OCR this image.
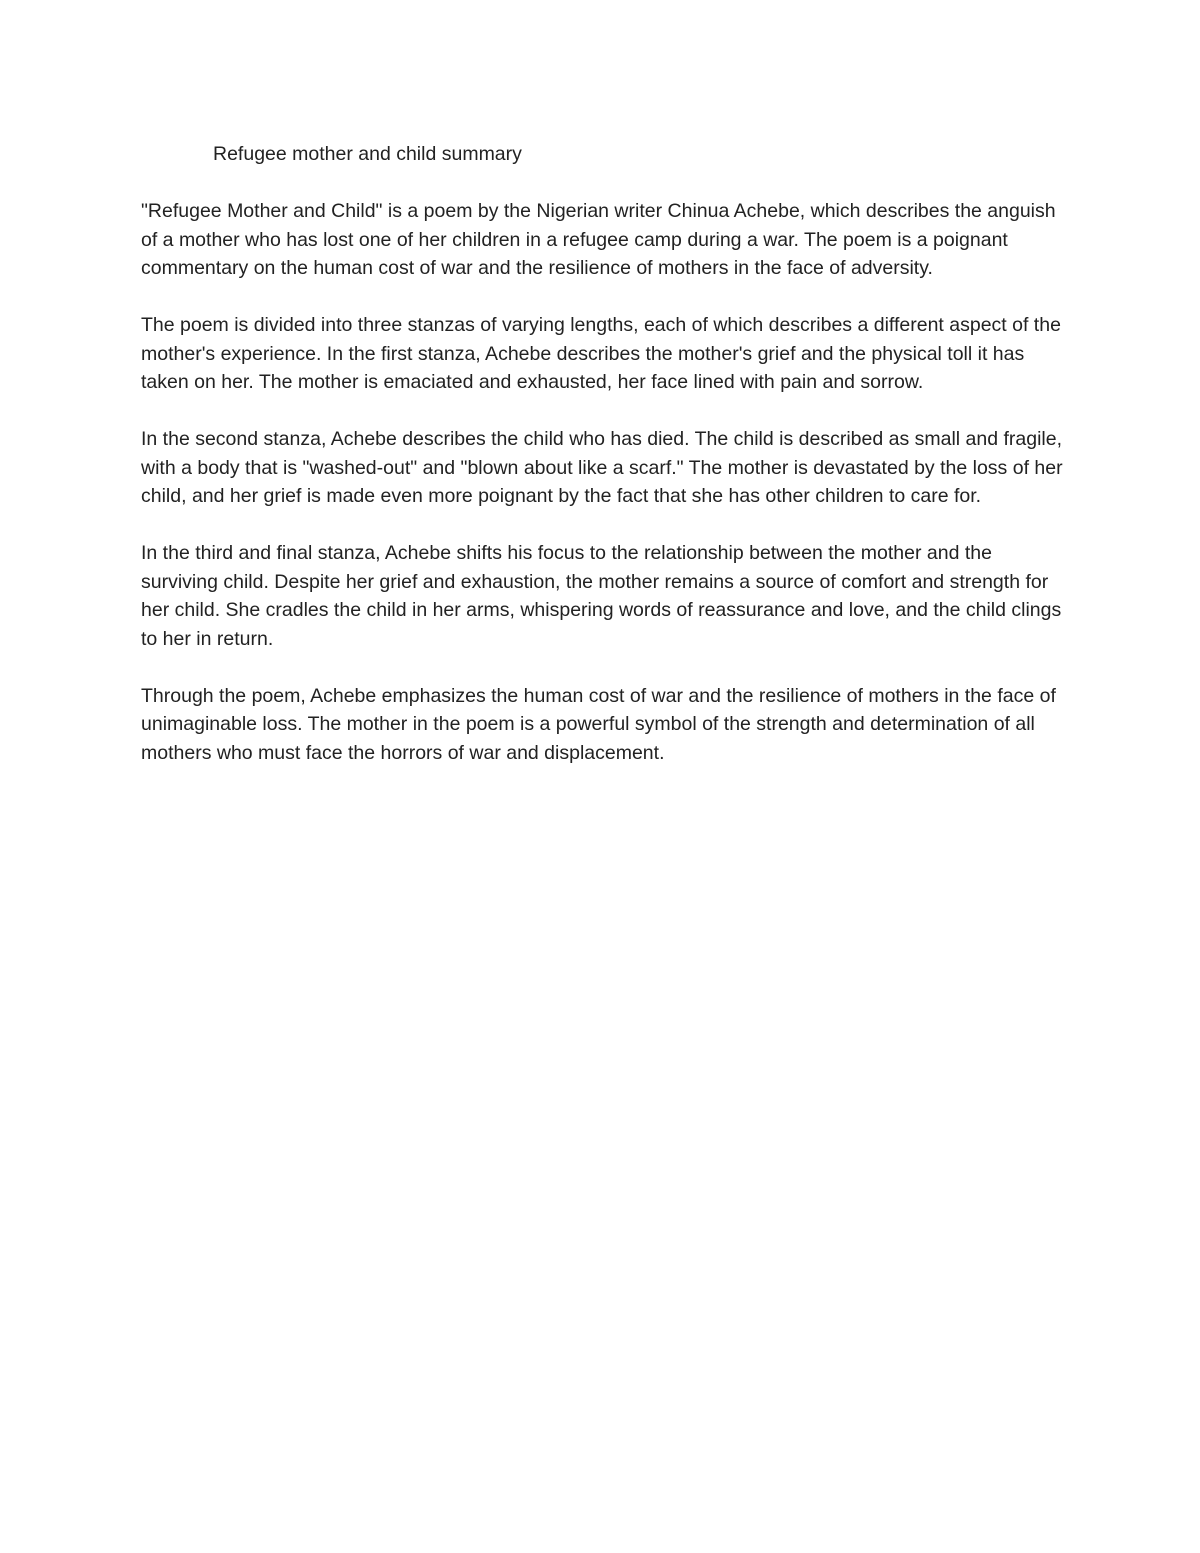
Refugee mother and child summary

"Refugee Mother and Child" is a poem by the Nigerian writer Chinua Achebe, which describes the anguish of a mother who has lost one of her children in a refugee camp during a war. The poem is a poignant commentary on the human cost of war and the resilience of mothers in the face of adversity.

The poem is divided into three stanzas of varying lengths, each of which describes a different aspect of the mother's experience. In the first stanza, Achebe describes the mother's grief and the physical toll it has taken on her. The mother is emaciated and exhausted, her face lined with pain and sorrow.

In the second stanza, Achebe describes the child who has died. The child is described as small and fragile, with a body that is "washed-out" and "blown about like a scarf." The mother is devastated by the loss of her child, and her grief is made even more poignant by the fact that she has other children to care for.

In the third and final stanza, Achebe shifts his focus to the relationship between the mother and the surviving child. Despite her grief and exhaustion, the mother remains a source of comfort and strength for her child. She cradles the child in her arms, whispering words of reassurance and love, and the child clings to her in return.

Through the poem, Achebe emphasizes the human cost of war and the resilience of mothers in the face of unimaginable loss. The mother in the poem is a powerful symbol of the strength and determination of all mothers who must face the horrors of war and displacement.
